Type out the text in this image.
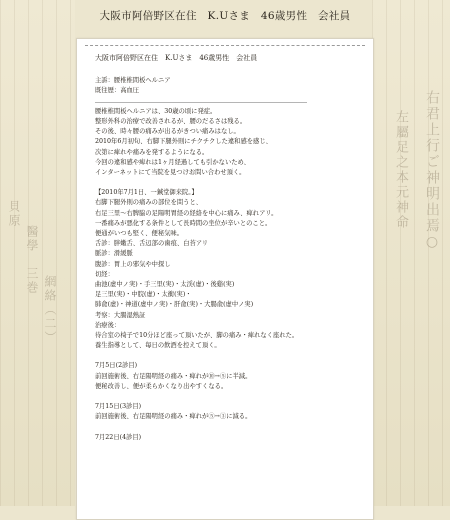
貝原
醫學　三巻
網絡（二）
右君上行ご神明出焉○
左屬足之本元神命
大阪市阿倍野区在住　K.Uさま　46歳男性　会社員
大阪市阿倍野区在住　K.Uさま　46歳男性　会社員
主訴：腰椎椎間板ヘルニア
既往歴：高血圧
腰椎椎間板ヘルニアは、30歳の頃に発症。
整形外科の治療で改善されるが、腰のだるさは残る。
その後、時々腰の痛みが出るがきつい痛みはなし。
2010年6月初旬、右脚下腿外則にチクチクした違和感を感じ、
次第に痺れや痛みを発するようになる。
今回の違和感や痺れは1ヶ月経過しても引かないため、
インターネットにて当院を見つけお問い合わせ頂く。
【2010年7月1日、一鍼堂御来院。】
右脚下腿外則の痛みの部位を問うと、
右足三里～右脾脇の足陽明胃経の経絡を中心に痛み、痺れアリ。
一番痛みが悪化する条件として長時間の坐位が辛いとのこと。
便通がいつも堅く、便秘気味。
舌診：胖嫩舌、舌辺部の歯痕、白苔アリ
脈診：滑緩脈
腹診：胃上の邪気や中探し
切経：
曲池(虚中ノ実)・手三里(実)・太渓(虚)・後谿(実)
足三里(実)・中脘(虚)・太衝(実)・
肺兪(虚)・神道(虚中ノ実)・肝兪(実)・大腸兪(虚中ノ実)
考察：大腸湿熱証
治療後：
待合室の椅子で10分ほど座って頂いたが、脚の痛み・痺れなく座れた。
養生指導として、毎日の飲酒を控えて頂く。
7月5日(2診目)
前回施術後、右足陽明経の痛み・痺れが⑩→⑤に半減。
便秘改善し、便が柔らかくなり出やすくなる。
7月15日(3診目)
前回施術後、右足陽明経の痛み・痺れが⑤→③に減る。
7月22日(4診目)
